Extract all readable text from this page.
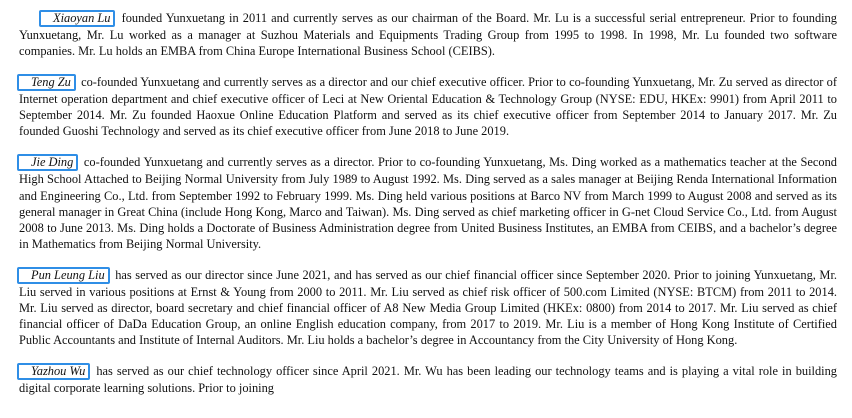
Xiaoyan Lu founded Yunxuetang in 2011 and currently serves as our chairman of the Board. Mr. Lu is a successful serial entrepreneur. Prior to founding Yunxuetang, Mr. Lu worked as a manager at Suzhou Materials and Equipments Trading Group from 1995 to 1998. In 1998, Mr. Lu founded two software companies. Mr. Lu holds an EMBA from China Europe International Business School (CEIBS).

Teng Zu co-founded Yunxuetang and currently serves as a director and our chief executive officer. Prior to co-founding Yunxuetang, Mr. Zu served as director of Internet operation department and chief executive officer of Leci at New Oriental Education & Technology Group (NYSE: EDU, HKEx: 9901) from April 2011 to September 2014. Mr. Zu founded Haoxue Online Education Platform and served as its chief executive officer from September 2014 to January 2017. Mr. Zu founded Guoshi Technology and served as its chief executive officer from June 2018 to June 2019.

Jie Ding co-founded Yunxuetang and currently serves as a director. Prior to co-founding Yunxuetang, Ms. Ding worked as a mathematics teacher at the Second High School Attached to Beijing Normal University from July 1989 to August 1992. Ms. Ding served as a sales manager at Beijing Renda International Information and Engineering Co., Ltd. from September 1992 to February 1999. Ms. Ding held various positions at Barco NV from March 1999 to August 2008 and served as its general manager in Great China (include Hong Kong, Marco and Taiwan). Ms. Ding served as chief marketing officer in G-net Cloud Service Co., Ltd. from August 2008 to June 2013. Ms. Ding holds a Doctorate of Business Administration degree from United Business Institutes, an EMBA from CEIBS, and a bachelor’s degree in Mathematics from Beijing Normal University.

Pun Leung Liu has served as our director since June 2021, and has served as our chief financial officer since September 2020. Prior to joining Yunxuetang, Mr. Liu served in various positions at Ernst & Young from 2000 to 2011. Mr. Liu served as chief risk officer of 500.com Limited (NYSE: BTCM) from 2011 to 2014. Mr. Liu served as director, board secretary and chief financial officer of A8 New Media Group Limited (HKEx: 0800) from 2014 to 2017. Mr. Liu served as chief financial officer of DaDa Education Group, an online English education company, from 2017 to 2019. Mr. Liu is a member of Hong Kong Institute of Certified Public Accountants and Institute of Internal Auditors. Mr. Liu holds a bachelor’s degree in Accountancy from the City University of Hong Kong.

Yazhou Wu has served as our chief technology officer since April 2021. Mr. Wu has been leading our technology teams and is playing a vital role in building digital corporate learning solutions. Prior to joining
